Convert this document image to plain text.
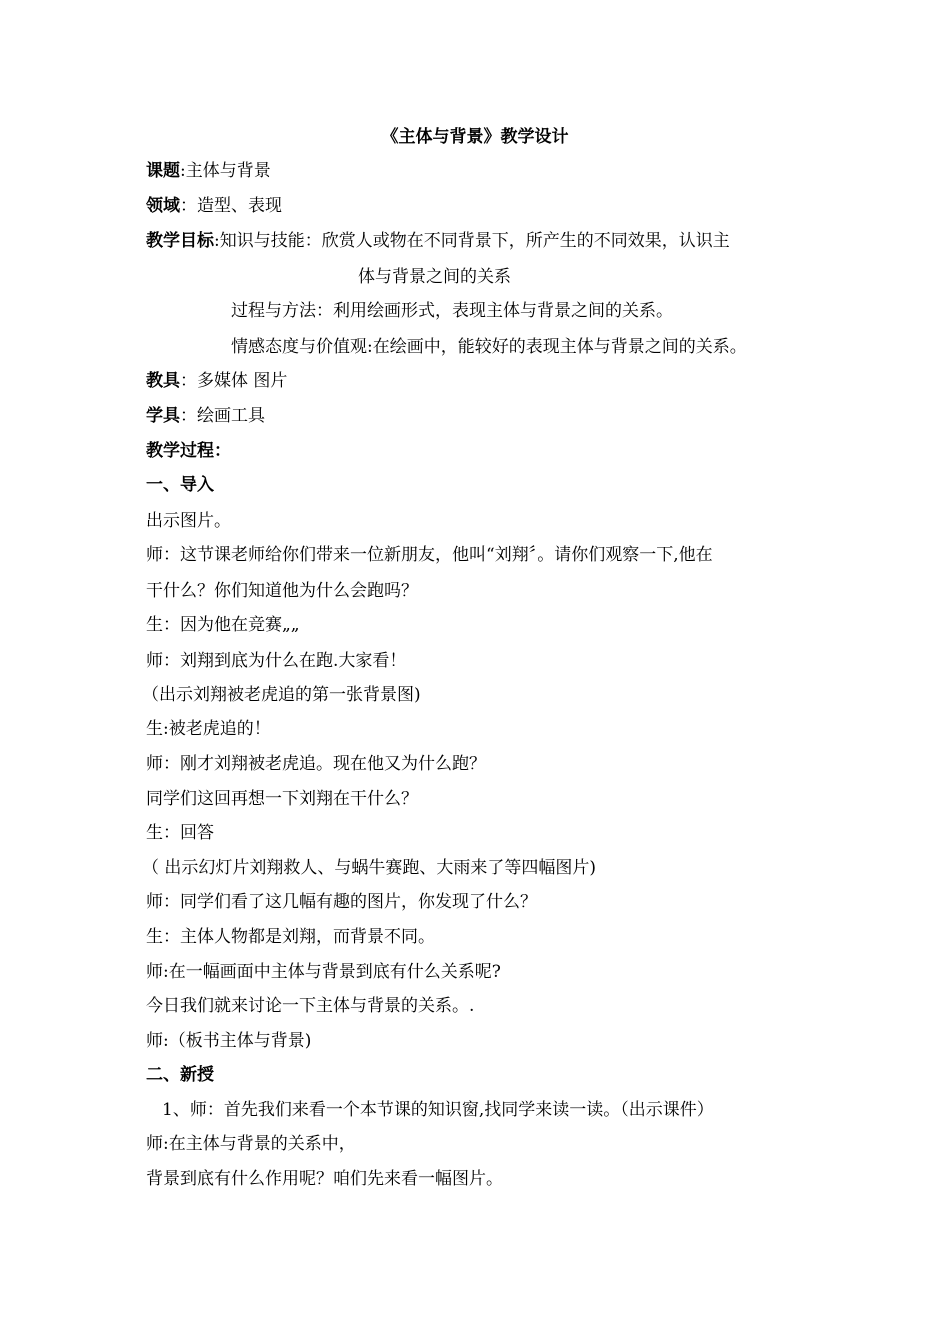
《主体与背景》教学设计
课题:主体与背景
领域：造型、表现
教学目标:知识与技能：欣赏人或物在不同背景下，所产生的不同效果，认识主
体与背景之间的关系
过程与方法：利用绘画形式，表现主体与背景之间的关系。
情感态度与价值观:在绘画中，能较好的表现主体与背景之间的关系。
教具：多媒体 图片
学具：绘画工具
教学过程：
一、导入
出示图片。
师：这节课老师给你们带来一位新朋友，他叫“刘翔〞。请你们观察一下,他在
干什么？你们知道他为什么会跑吗？
生：因为他在竞赛„„
师：刘翔到底为什么在跑.大家看！
（出示刘翔被老虎追的第一张背景图)
生:被老虎追的！
师：刚才刘翔被老虎追。现在他又为什么跑？
同学们这回再想一下刘翔在干什么？
生：回答
（ 出示幻灯片刘翔救人、与蜗牛赛跑、大雨来了等四幅图片)
师：同学们看了这几幅有趣的图片，你发现了什么？
生：主体人物都是刘翔，而背景不同。
师:在一幅画面中主体与背景到底有什么关系呢?
今日我们就来讨论一下主体与背景的关系。.
师:（板书主体与背景)
二、新授
1、师：首先我们来看一个本节课的知识窗,找同学来读一读。（出示课件）
师:在主体与背景的关系中，
背景到底有什么作用呢？咱们先来看一幅图片。
